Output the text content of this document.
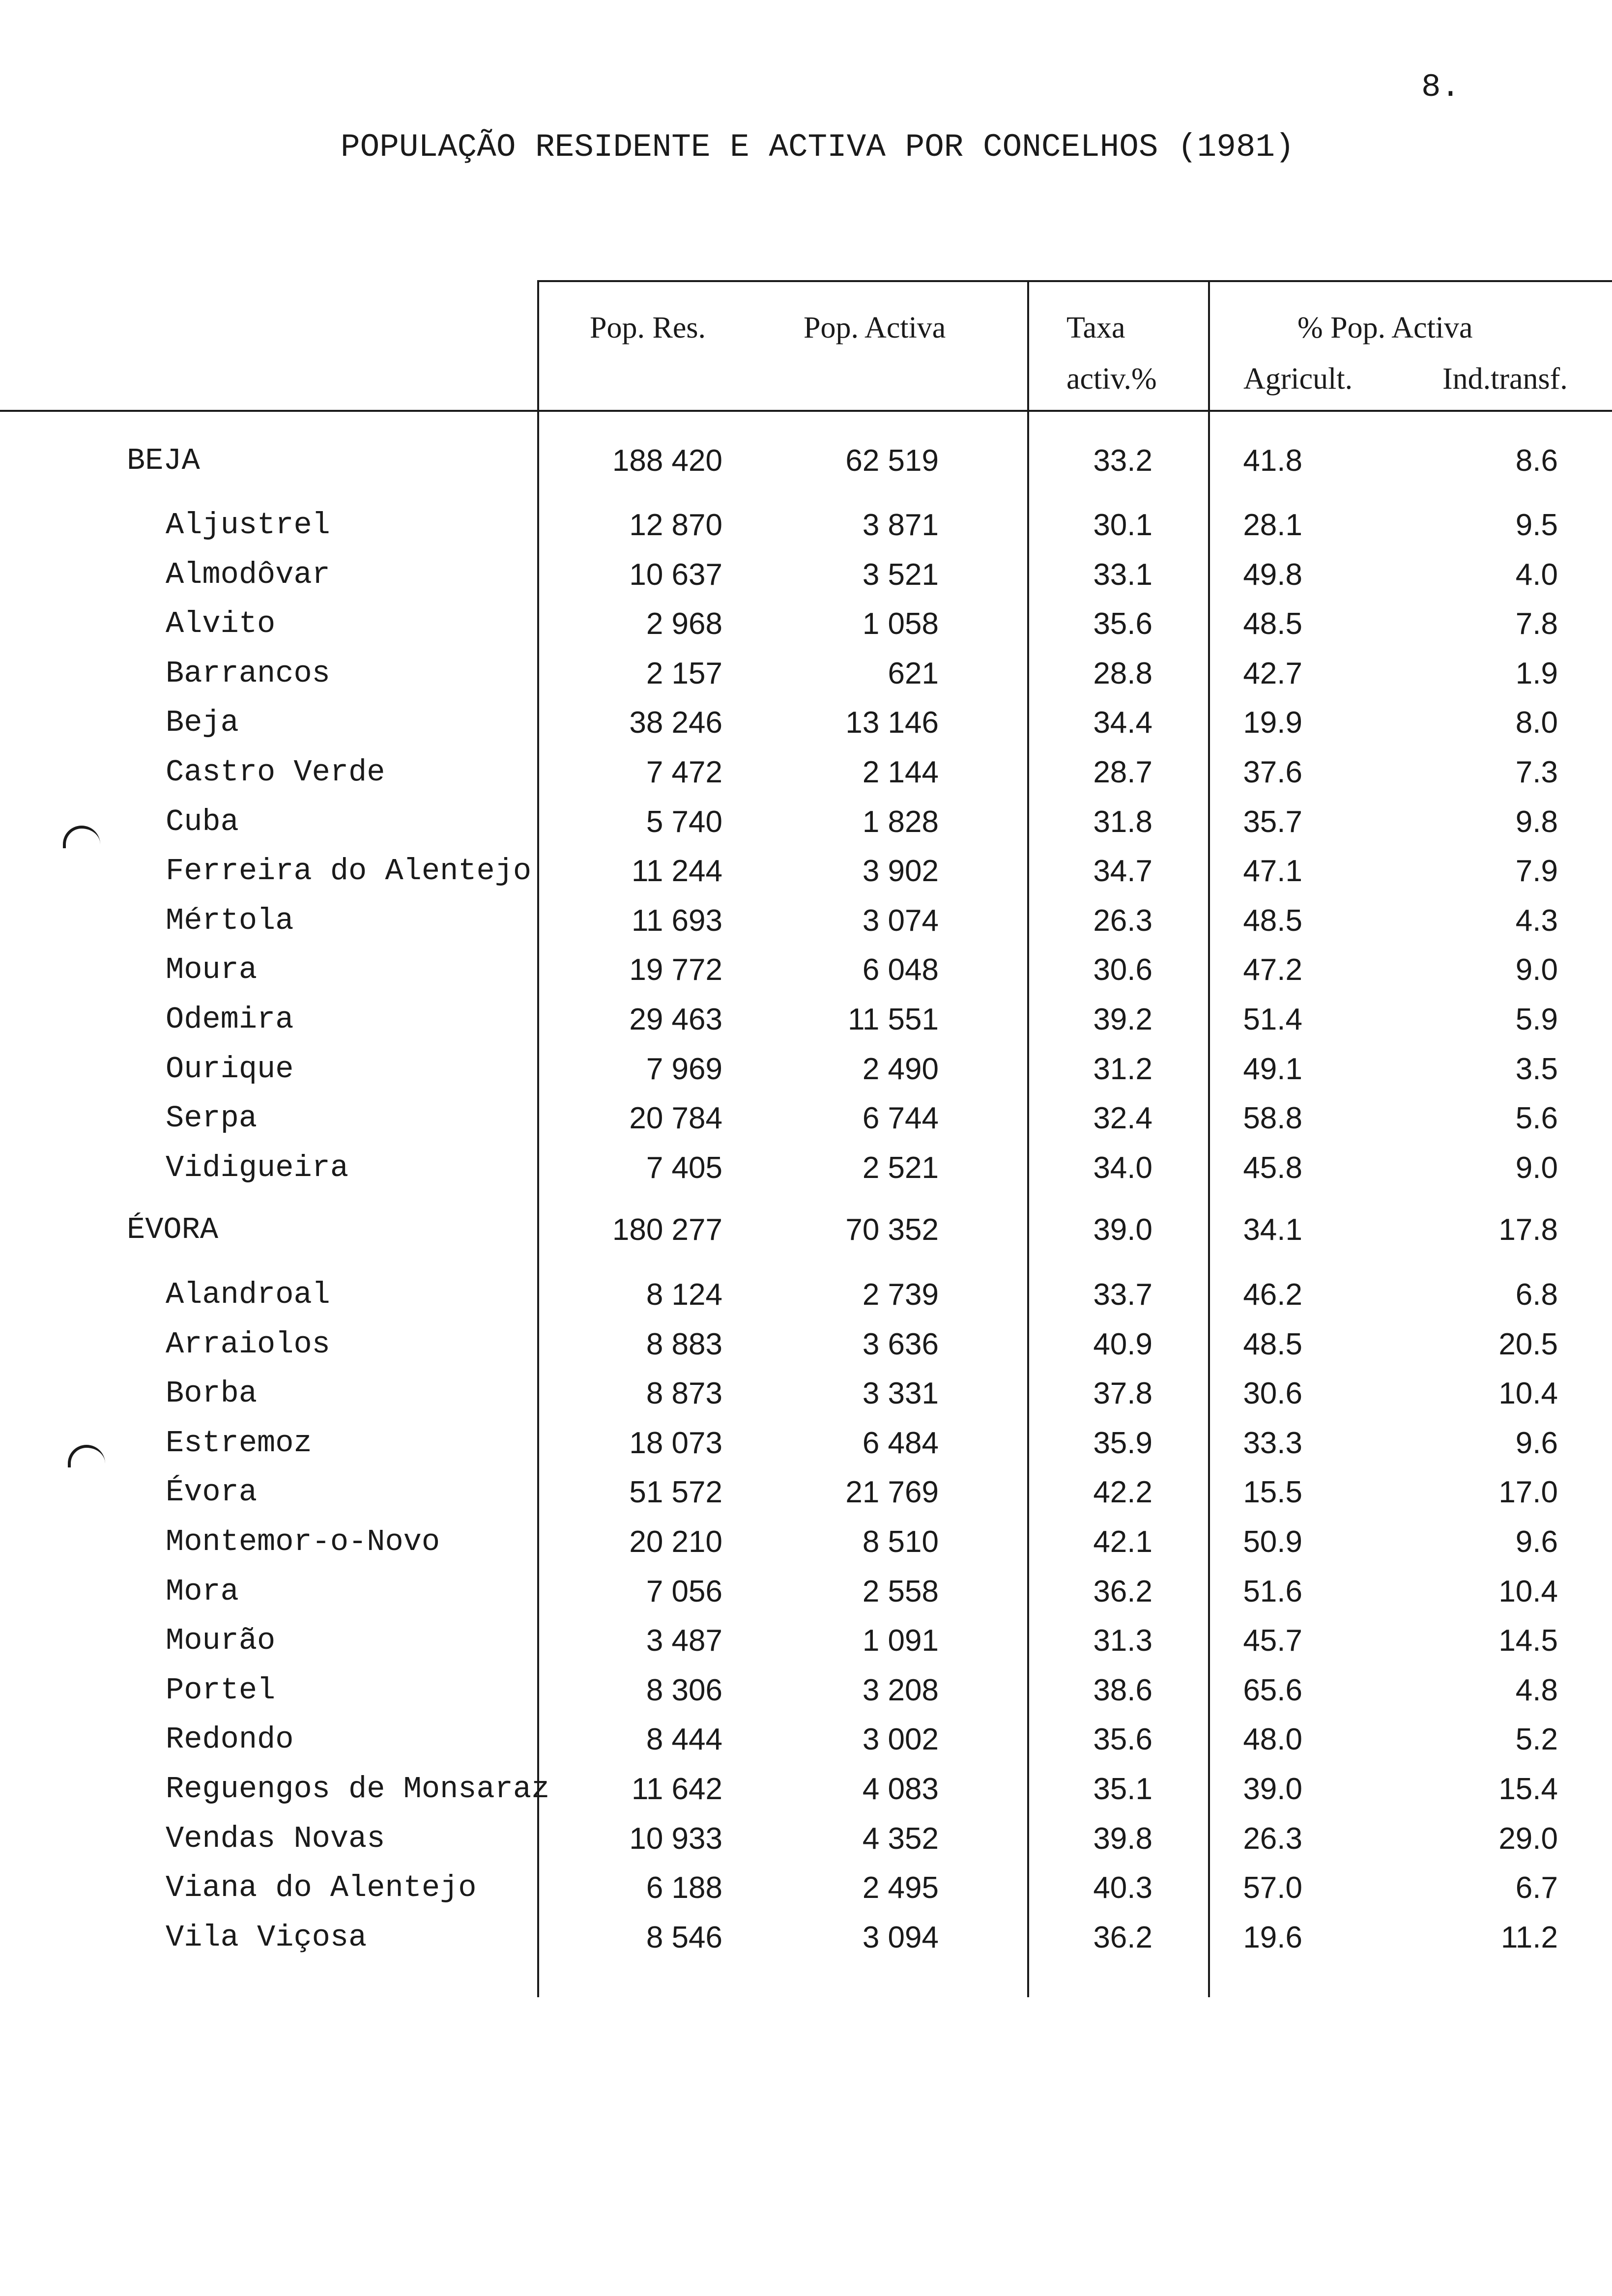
8.
POPULAÇÃO RESIDENTE E ACTIVA POR CONCELHOS (1981)
Pop. Res.	Pop. Activa	Taxa
activ.%
% Pop. Activa
Agricult.	Ind.transf.
BEJA	188 420	62 519	33.2	41.8	8.6
Aljustrel	12 870	3 871	30.1	28.1	9.5
Almodôvar	10 637	3 521	33.1	49.8	4.0
Alvito	2 968	1 058	35.6	48.5	7.8
Barrancos	2 157	621	28.8	42.7	1.9
Beja	38 246	13 146	34.4	19.9	8.0
Castro Verde	7 472	2 144	28.7	37.6	7.3
Cuba	5 740	1 828	31.8	35.7	9.8
Ferreira do Alentejo	11 244	3 902	34.7	47.1	7.9
Mértola	11 693	3 074	26.3	48.5	4.3
Moura	19 772	6 048	30.6	47.2	9.0
Odemira	29 463	11 551	39.2	51.4	5.9
Ourique	7 969	2 490	31.2	49.1	3.5
Serpa	20 784	6 744	32.4	58.8	5.6
Vidigueira	7 405	2 521	34.0	45.8	9.0
ÉVORA	180 277	70 352	39.0	34.1	17.8
Alandroal	8 124	2 739	33.7	46.2	6.8
Arraiolos	8 883	3 636	40.9	48.5	20.5
Borba	8 873	3 331	37.8	30.6	10.4
Estremoz	18 073	6 484	35.9	33.3	9.6
Évora	51 572	21 769	42.2	15.5	17.0
Montemor-o-Novo	20 210	8 510	42.1	50.9	9.6
Mora	7 056	2 558	36.2	51.6	10.4
Mourão	3 487	1 091	31.3	45.7	14.5
Portel	8 306	3 208	38.6	65.6	4.8
Redondo	8 444	3 002	35.6	48.0	5.2
Reguengos de Monsaraz	11 642	4 083	35.1	39.0	15.4
Vendas Novas	10 933	4 352	39.8	26.3	29.0
Viana do Alentejo	6 188	2 495	40.3	57.0	6.7
Vila Viçosa	8 546	3 094	36.2	19.6	11.2
